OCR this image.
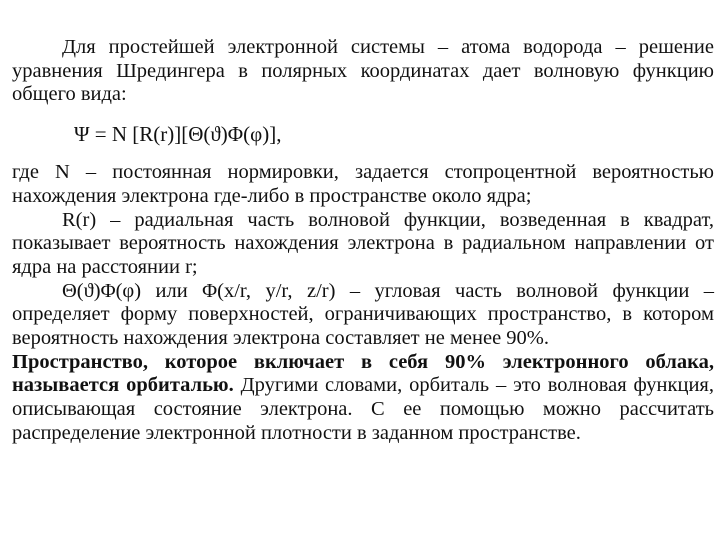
Для простейшей электронной системы – атома водорода – решение уравнения Шредингера в полярных координатах дает волновую функцию общего вида:

Ψ = N [R(r)][Θ(ϑ)Φ(φ)],

где N – постоянная нормировки, задается стопроцентной вероятностью нахождения электрона где-либо в пространстве около ядра;

R(r) – радиальная часть волновой функции, возведенная в квадрат, показывает вероятность нахождения электрона в радиальном направлении от ядра на расстоянии r;

Θ(ϑ)Φ(φ) или Φ(x/r, y/r, z/r) – угловая часть волновой функции – определяет форму поверхностей, ограничивающих пространство, в котором вероятность нахождения электрона составляет не менее 90%.

Пространство, которое включает в себя 90% электронного облака, называется орбиталью. Другими словами, орбиталь – это волновая функция, описывающая состояние электрона. С ее помощью можно рассчитать распределение электронной плотности в заданном пространстве.
